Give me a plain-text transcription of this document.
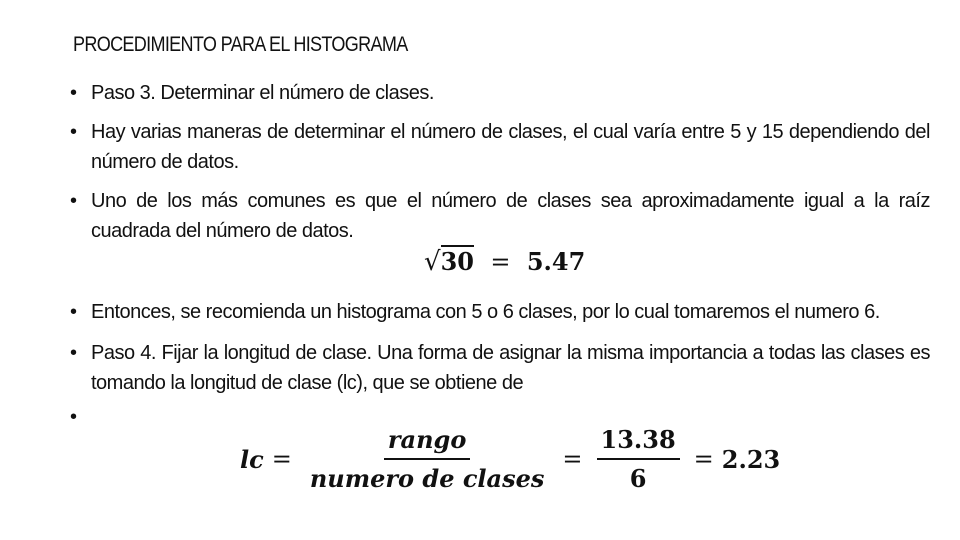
PROCEDIMIENTO PARA EL HISTOGRAMA
• Paso 3. Determinar el número de clases.
• Hay varias maneras de determinar el número de clases, el cual varía entre 5 y 15 dependiendo del número de datos.
• Uno de los más comunes es que el número de clases sea aproximadamente igual a la raíz cuadrada del número de datos.
• Entonces, se recomienda un histograma con 5 o 6 clases, por lo cual tomaremos el numero 6.
• Paso 4. Fijar la longitud de clase. Una forma de asignar la misma importancia a todas las clases es tomando la longitud de clase (lc), que se obtiene de
•
√30 = 5.47
lc = $\frac{\text{rango}}{\text{numero de clases}} = \frac{13.38}{6} = 2.23$
